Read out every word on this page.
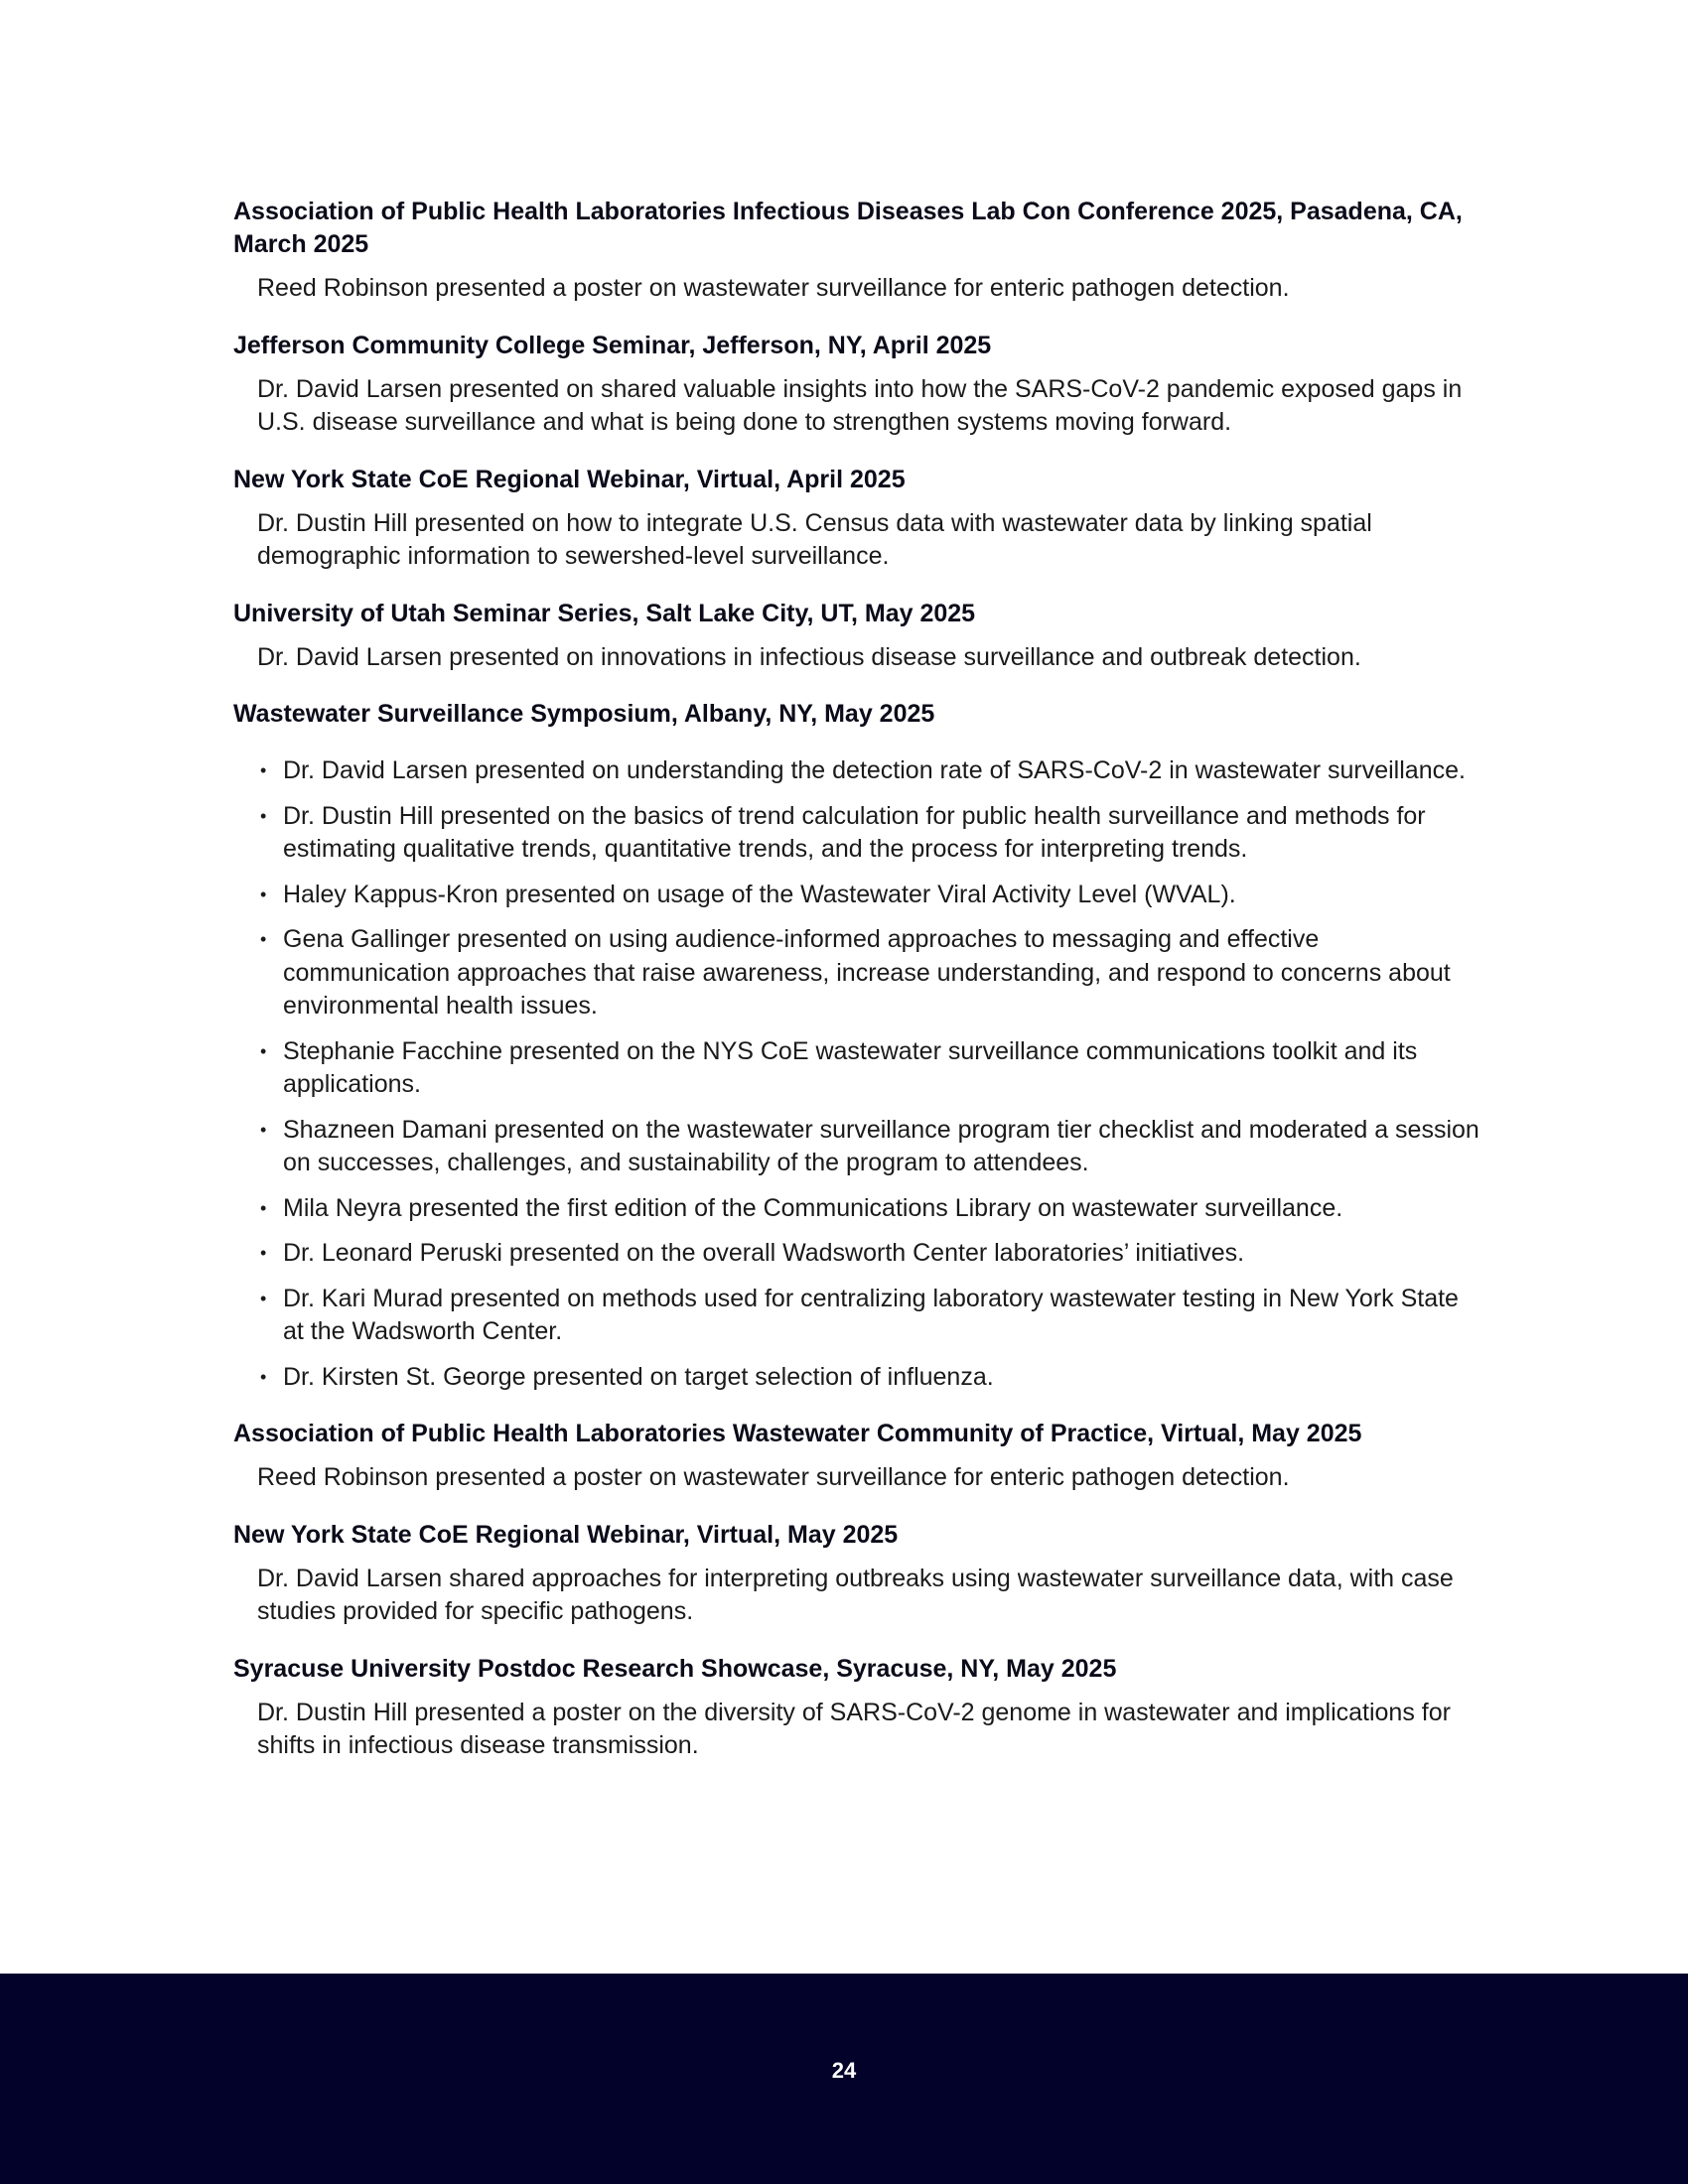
Association of Public Health Laboratories Infectious Diseases Lab Con Conference 2025, Pasadena, CA, March 2025

Reed Robinson presented a poster on wastewater surveillance for enteric pathogen detection.

Jefferson Community College Seminar, Jefferson, NY, April 2025

Dr. David Larsen presented on shared valuable insights into how the SARS-CoV-2 pandemic exposed gaps in U.S. disease surveillance and what is being done to strengthen systems moving forward.

New York State CoE Regional Webinar, Virtual, April 2025

Dr. Dustin Hill presented on how to integrate U.S. Census data with wastewater data by linking spatial demographic information to sewershed-level surveillance.

University of Utah Seminar Series, Salt Lake City, UT, May 2025

Dr. David Larsen presented on innovations in infectious disease surveillance and outbreak detection.

Wastewater Surveillance Symposium, Albany, NY, May 2025
• Dr. David Larsen presented on understanding the detection rate of SARS-CoV-2 in wastewater surveillance.
• Dr. Dustin Hill presented on the basics of trend calculation for public health surveillance and methods for estimating qualitative trends, quantitative trends, and the process for interpreting trends.
• Haley Kappus-Kron presented on usage of the Wastewater Viral Activity Level (WVAL).
• Gena Gallinger presented on using audience-informed approaches to messaging and effective communication approaches that raise awareness, increase understanding, and respond to concerns about environmental health issues.
• Stephanie Facchine presented on the NYS CoE wastewater surveillance communications toolkit and its applications.
• Shazneen Damani presented on the wastewater surveillance program tier checklist and moderated a session on successes, challenges, and sustainability of the program to attendees.
• Mila Neyra presented the first edition of the Communications Library on wastewater surveillance.
• Dr. Leonard Peruski presented on the overall Wadsworth Center laboratories’ initiatives.
• Dr. Kari Murad presented on methods used for centralizing laboratory wastewater testing in New York State at the Wadsworth Center.
• Dr. Kirsten St. George presented on target selection of influenza.
Association of Public Health Laboratories Wastewater Community of Practice, Virtual, May 2025

Reed Robinson presented a poster on wastewater surveillance for enteric pathogen detection.

New York State CoE Regional Webinar, Virtual, May 2025

Dr. David Larsen shared approaches for interpreting outbreaks using wastewater surveillance data, with case studies provided for specific pathogens.

Syracuse University Postdoc Research Showcase, Syracuse, NY, May 2025

Dr. Dustin Hill presented a poster on the diversity of SARS-CoV-2 genome in wastewater and implications for shifts in infectious disease transmission.

24
